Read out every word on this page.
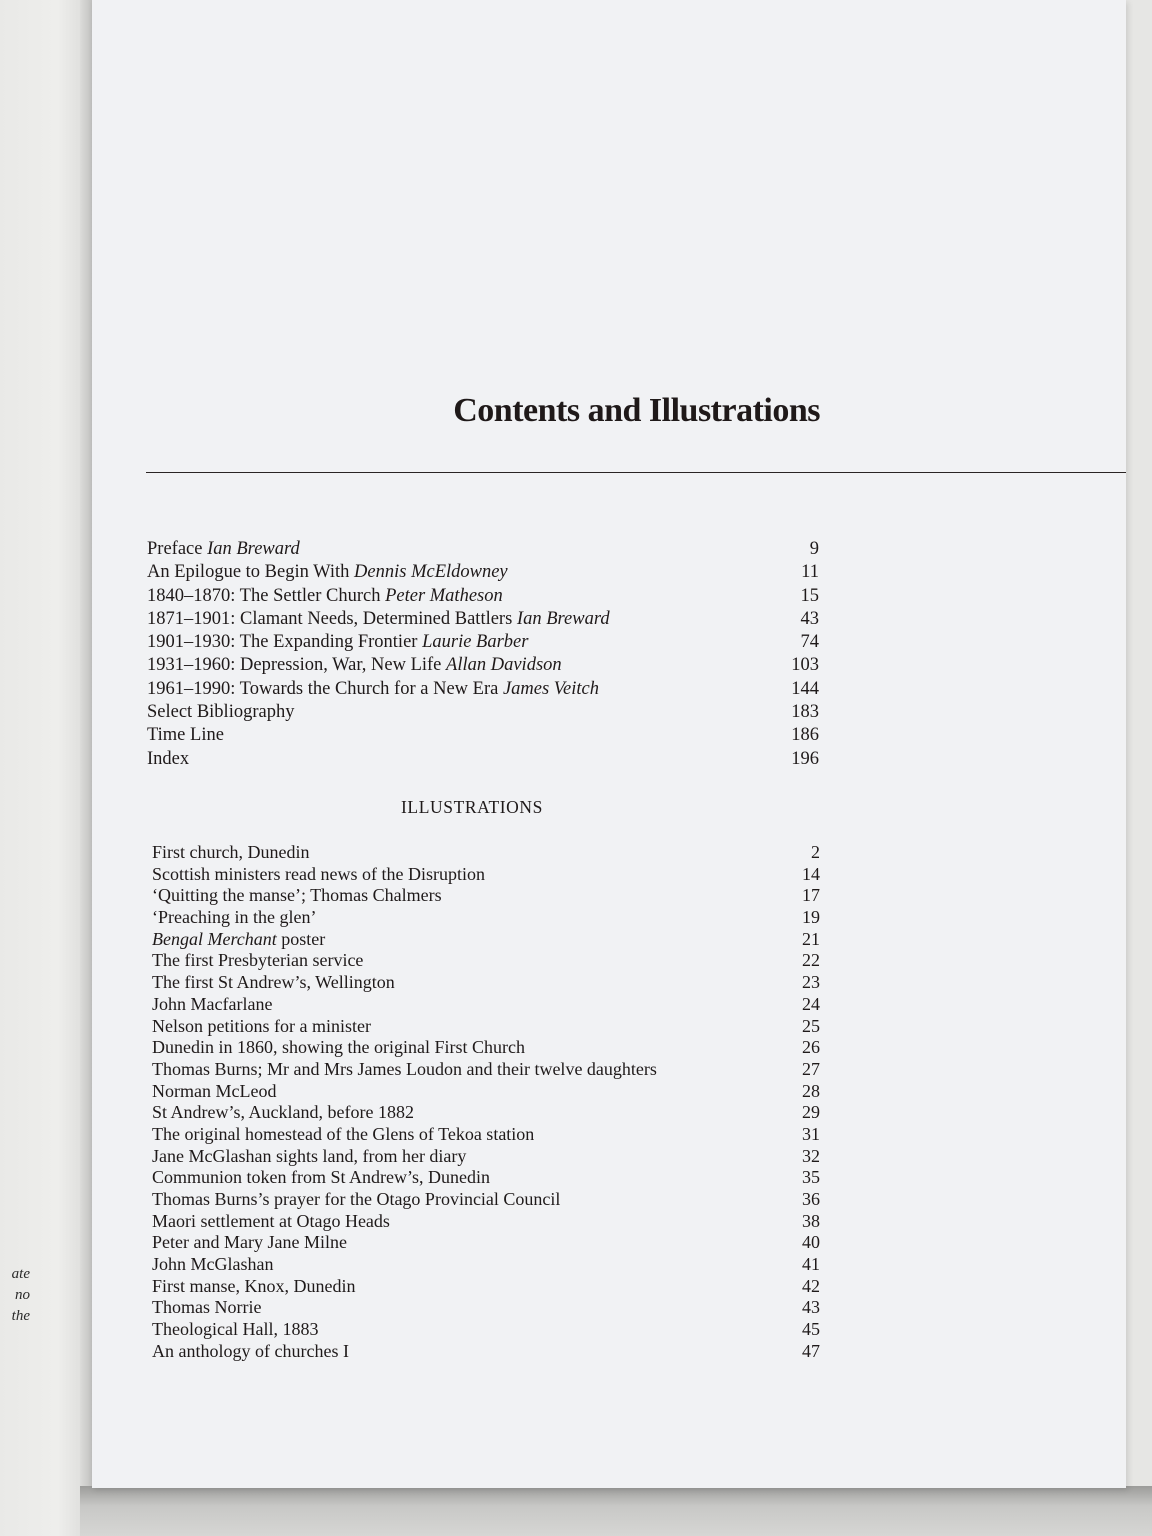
ate
no
the
Contents and Illustrations
Preface Ian Breward	9
An Epilogue to Begin With Dennis McEldowney	11
1840–1870: The Settler Church Peter Matheson	15
1871–1901: Clamant Needs, Determined Battlers Ian Breward	43
1901–1930: The Expanding Frontier Laurie Barber	74
1931–1960: Depression, War, New Life Allan Davidson	103
1961–1990: Towards the Church for a New Era James Veitch	144
Select Bibliography	183
Time Line	186
Index	196
ILLUSTRATIONS
First church, Dunedin	2
Scottish ministers read news of the Disruption	14
‘Quitting the manse’; Thomas Chalmers	17
‘Preaching in the glen’	19
Bengal Merchant poster	21
The first Presbyterian service	22
The first St Andrew’s, Wellington	23
John Macfarlane	24
Nelson petitions for a minister	25
Dunedin in 1860, showing the original First Church	26
Thomas Burns; Mr and Mrs James Loudon and their twelve daughters	27
Norman McLeod	28
St Andrew’s, Auckland, before 1882	29
The original homestead of the Glens of Tekoa station	31
Jane McGlashan sights land, from her diary	32
Communion token from St Andrew’s, Dunedin	35
Thomas Burns’s prayer for the Otago Provincial Council	36
Maori settlement at Otago Heads	38
Peter and Mary Jane Milne	40
John McGlashan	41
First manse, Knox, Dunedin	42
Thomas Norrie	43
Theological Hall, 1883	45
An anthology of churches I	47
